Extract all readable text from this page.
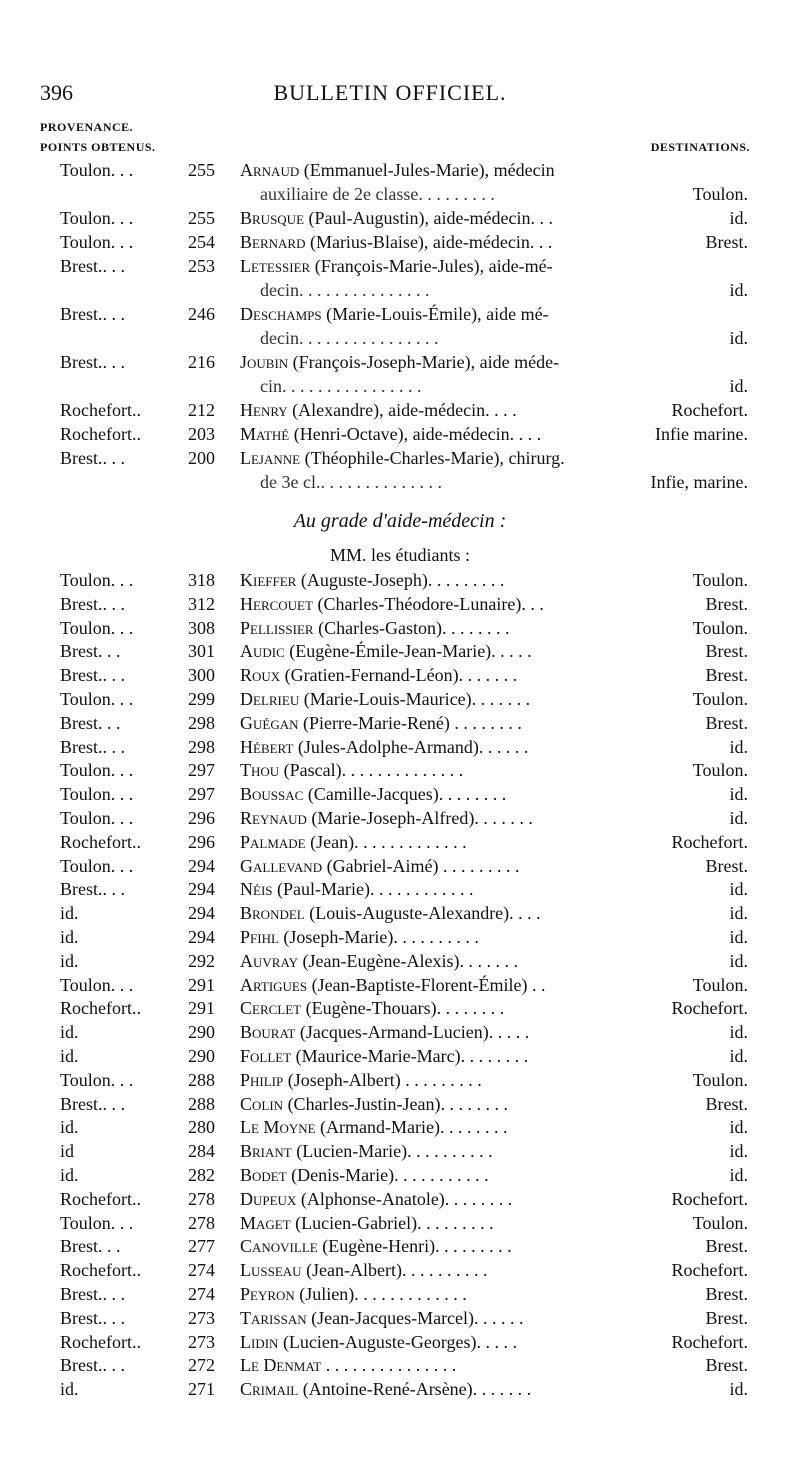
396	BULLETIN OFFICIEL.
PROVENANCE.
POINTS OBTENUS.	DESTINATIONS.
Toulon. . .	255 Arnaud (Emmanuel-Jules-Marie), médecin
auxiliaire de 2e classe. . . . . . . . .	Toulon.
Toulon. . .	255 Brusque (Paul-Augustin), aide-médecin. . .	id.
Toulon. . .	254 Bernard (Marius-Blaise), aide-médecin. . .	Brest.
Brest.. . .	253 Letessier (François-Marie-Jules), aide-mé-
decin. . . . . . . . . . . . . . .	id.
Brest.. . .	246 Deschamps (Marie-Louis-Émile), aide mé-
decin. . . . . . . . . . . . . . . .	id.
Brest.. . .	216 Joubin (François-Joseph-Marie), aide méde-
cin. . . . . . . . . . . . . . . .	id.
Rochefort..	212 Henry (Alexandre), aide-médecin. . . .	Rochefort.
Rochefort..	203 Mathé (Henri-Octave), aide-médecin. . . .	Infie marine.
Brest.. . .	200 Lejanne (Théophile-Charles-Marie), chirurg.
de 3e cl.. . . . . . . . . . . . . .	Infie, marine.
Au grade d'aide-médecin :
MM. les étudiants :
Toulon. . .	318 Kieffer (Auguste-Joseph). . . . . . . . .	Toulon.
Brest.. . .	312 Hercouet (Charles-Théodore-Lunaire). . .	Brest.
Toulon. . .	308 Pellissier (Charles-Gaston). . . . . . . .	Toulon.
Brest. . .	301 Audic (Eugène-Émile-Jean-Marie). . . . .	Brest.
Brest.. . .	300 Roux (Gratien-Fernand-Léon). . . . . . .	Brest.
Toulon. . .	299 Delrieu (Marie-Louis-Maurice). . . . . . .	Toulon.
Brest. . .	298 Guégan (Pierre-Marie-René) . . . . . . . .	Brest.
Brest.. . .	298 Hébert (Jules-Adolphe-Armand). . . . . .	id.
Toulon. . .	297 Thou (Pascal). . . . . . . . . . . . . .	Toulon.
Toulon. . .	297 Boussac (Camille-Jacques). . . . . . . .	id.
Toulon. . .	296 Reynaud (Marie-Joseph-Alfred). . . . . . .	id.
Rochefort..	296 Palmade (Jean). . . . . . . . . . . . .	Rochefort.
Toulon. . .	294 Gallevand (Gabriel-Aimé) . . . . . . . . .	Brest.
Brest.. . .	294 Néis (Paul-Marie). . . . . . . . . . . .	id.
id.	294 Brondel (Louis-Auguste-Alexandre). . . .	id.
id.	294 Pfihl (Joseph-Marie). . . . . . . . . .	id.
id.	292 Auvray (Jean-Eugène-Alexis). . . . . . .	id.
Toulon. . .	291 Artigues (Jean-Baptiste-Florent-Émile) . .	Toulon.
Rochefort..	291 Cerclet (Eugène-Thouars). . . . . . . .	Rochefort.
id.	290 Bourat (Jacques-Armand-Lucien). . . . .	id.
id.	290 Follet (Maurice-Marie-Marc). . . . . . . .	id.
Toulon. . .	288 Philip (Joseph-Albert) . . . . . . . . .	Toulon.
Brest.. . .	288 Colin (Charles-Justin-Jean). . . . . . . .	Brest.
id.	280 Le Moyne (Armand-Marie). . . . . . . .	id.
id	284 Briant (Lucien-Marie). . . . . . . . . .	id.
id.	282 Bodet (Denis-Marie). . . . . . . . . . .	id.
Rochefort..	278 Dupeux (Alphonse-Anatole). . . . . . . .	Rochefort.
Toulon. . .	278 Maget (Lucien-Gabriel). . . . . . . . .	Toulon.
Brest. . .	277 Canoville (Eugène-Henri). . . . . . . . .	Brest.
Rochefort..	274 Lusseau (Jean-Albert). . . . . . . . . .	Rochefort.
Brest.. . .	274 Peyron (Julien). . . . . . . . . . . . .	Brest.
Brest.. . .	273 Tarissan (Jean-Jacques-Marcel). . . . . .	Brest.
Rochefort..	273 Lidin (Lucien-Auguste-Georges). . . . .	Rochefort.
Brest.. . .	272 Le Denmat . . . . . . . . . . . . . . .	Brest.
id.	271 Crimail (Antoine-René-Arsène). . . . . . .	id.
